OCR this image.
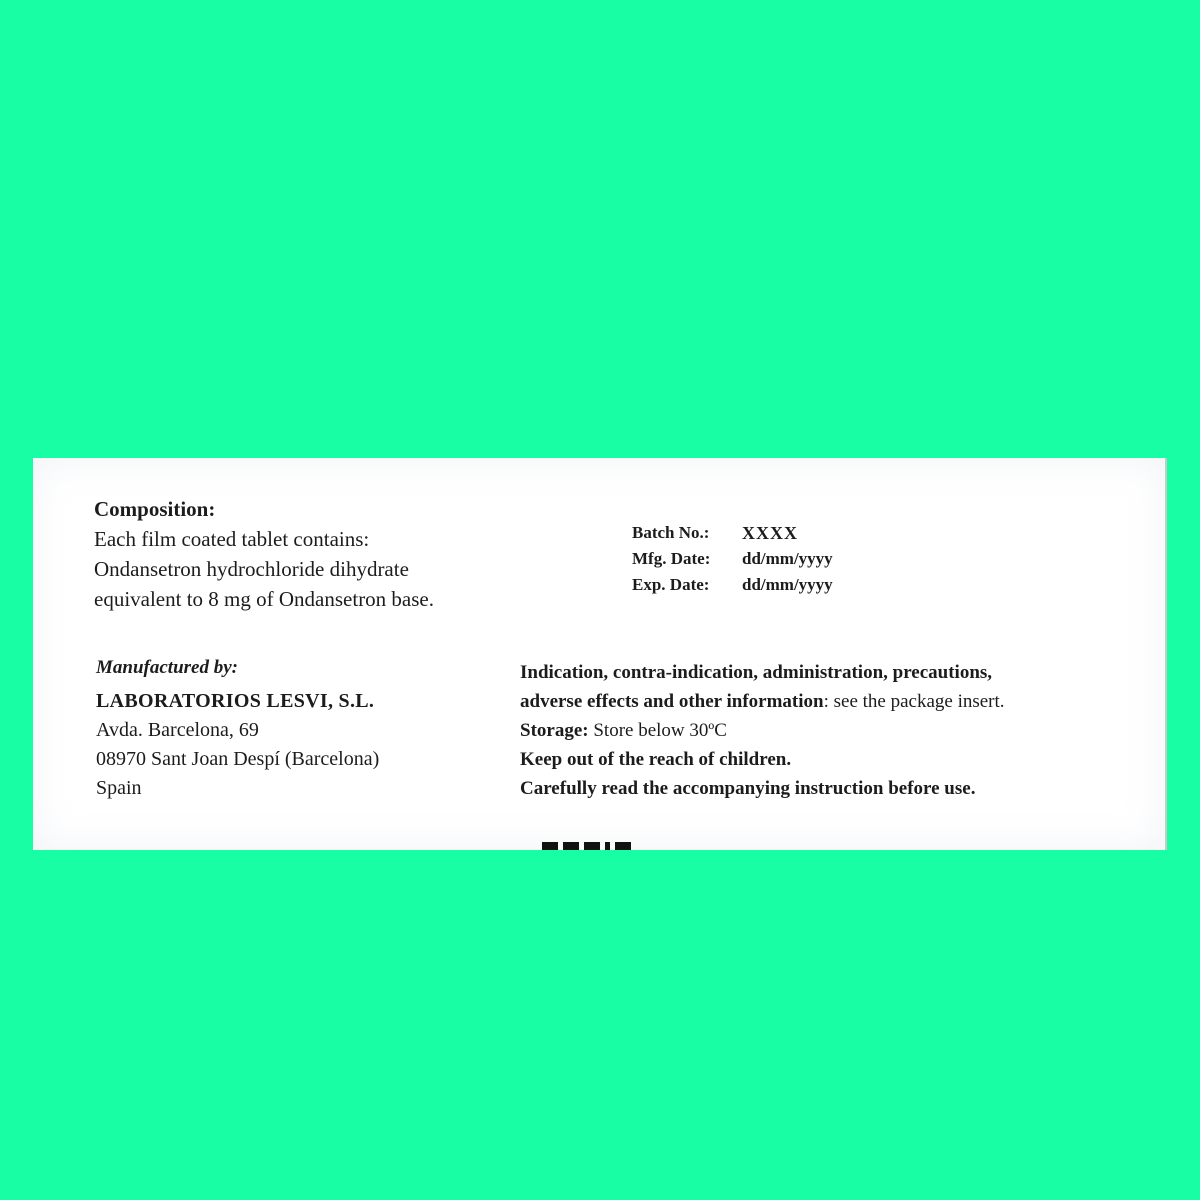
Composition:
Each film coated tablet contains:
Ondansetron hydrochloride dihydrate
equivalent to 8 mg of Ondansetron base.
Batch No.:	XXXX
Mfg. Date:	dd/mm/yyyy
Exp. Date:	dd/mm/yyyy
Manufactured by:
LABORATORIOS LESVI, S.L.
Avda. Barcelona, 69
08970 Sant Joan Despí (Barcelona)
Spain
Indication, contra-indication, administration, precautions,
adverse effects and other information: see the package insert.
Storage: Store below 30ºC
Keep out of the reach of children.
Carefully read the accompanying instruction before use.
